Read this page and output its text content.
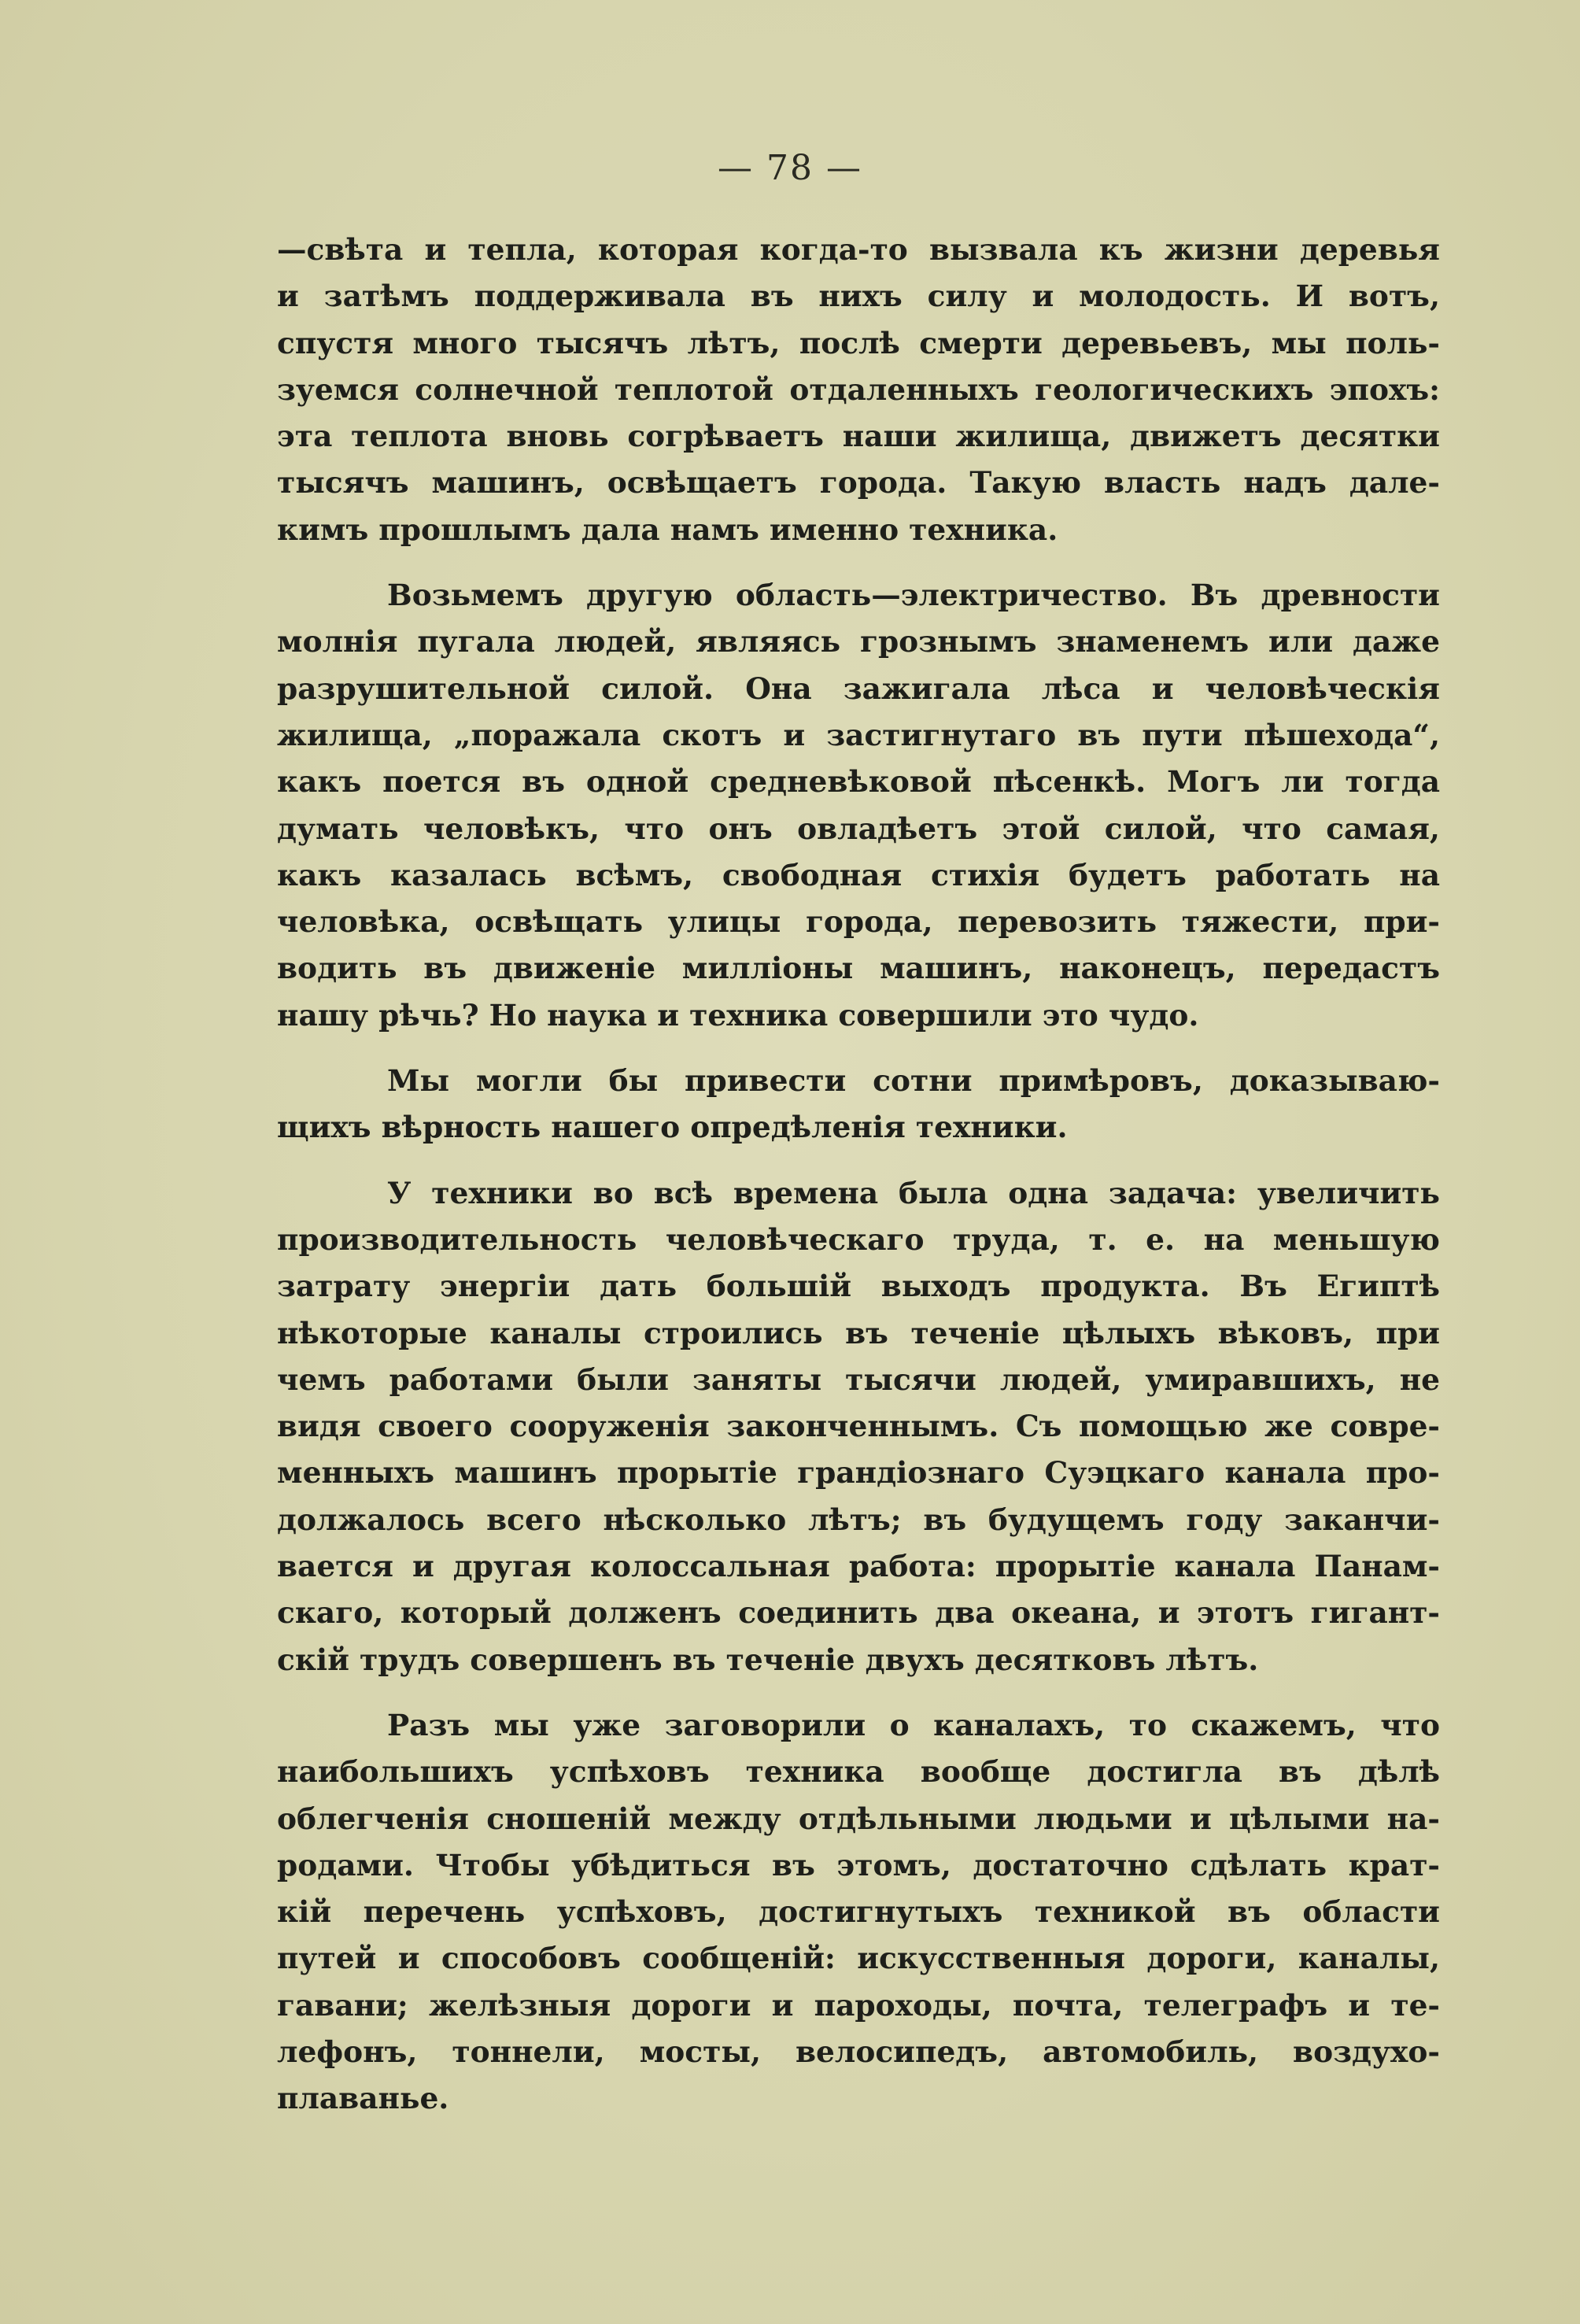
— 78 —
—свѣта и тепла, которая когда-то вызвала къ жизни деревья
и затѣмъ поддерживала въ нихъ силу и молодость. И вотъ,
спустя много тысячъ лѣтъ, послѣ смерти деревьевъ, мы поль-
зуемся солнечной теплотой отдаленныхъ геологическихъ эпохъ:
эта теплота вновь согрѣваетъ наши жилища, движетъ десятки
тысячъ машинъ, освѣщаетъ города. Такую власть надъ дале-
кимъ прошлымъ дала намъ именно техника.
Возьмемъ другую область—электричество. Въ древности
молнія пугала людей, являясь грознымъ знаменемъ или даже
разрушительной силой. Она зажигала лѣса и человѣческія
жилища, „поражала скотъ и застигнутаго въ пути пѣшехода“,
какъ поется въ одной средневѣковой пѣсенкѣ. Могъ ли тогда
думать человѣкъ, что онъ овладѣетъ этой силой, что самая,
какъ казалась всѣмъ, свободная стихія будетъ работать на
человѣка, освѣщать улицы города, перевозить тяжести, при-
водить въ движеніе милліоны машинъ, наконецъ, передастъ
нашу рѣчь? Но наука и техника совершили это чудо.
Мы могли бы привести сотни примѣровъ, доказываю-
щихъ вѣрность нашего опредѣленія техники.
У техники во всѣ времена была одна задача: увеличить
производительность человѣческаго труда, т. е. на меньшую
затрату энергіи дать большій выходъ продукта. Въ Египтѣ
нѣкоторые каналы строились въ теченіе цѣлыхъ вѣковъ, при
чемъ работами были заняты тысячи людей, умиравшихъ, не
видя своего сооруженія законченнымъ. Съ помощью же совре-
менныхъ машинъ прорытіе грандіознаго Суэцкаго канала про-
должалось всего нѣсколько лѣтъ; въ будущемъ году заканчи-
вается и другая колоссальная работа: прорытіе канала Панам-
скаго, который долженъ соединить два океана, и этотъ гигант-
скій трудъ совершенъ въ теченіе двухъ десятковъ лѣтъ.
Разъ мы уже заговорили о каналахъ, то скажемъ, что
наибольшихъ успѣховъ техника вообще достигла въ дѣлѣ
облегченія сношеній между отдѣльными людьми и цѣлыми на-
родами. Чтобы убѣдиться въ этомъ, достаточно сдѣлать крат-
кій перечень успѣховъ, достигнутыхъ техникой въ области
путей и способовъ сообщеній: искусственныя дороги, каналы,
гавани; желѣзныя дороги и пароходы, почта, телеграфъ и те-
лефонъ, тоннели, мосты, велосипедъ, автомобиль, воздухо-
плаванье.
